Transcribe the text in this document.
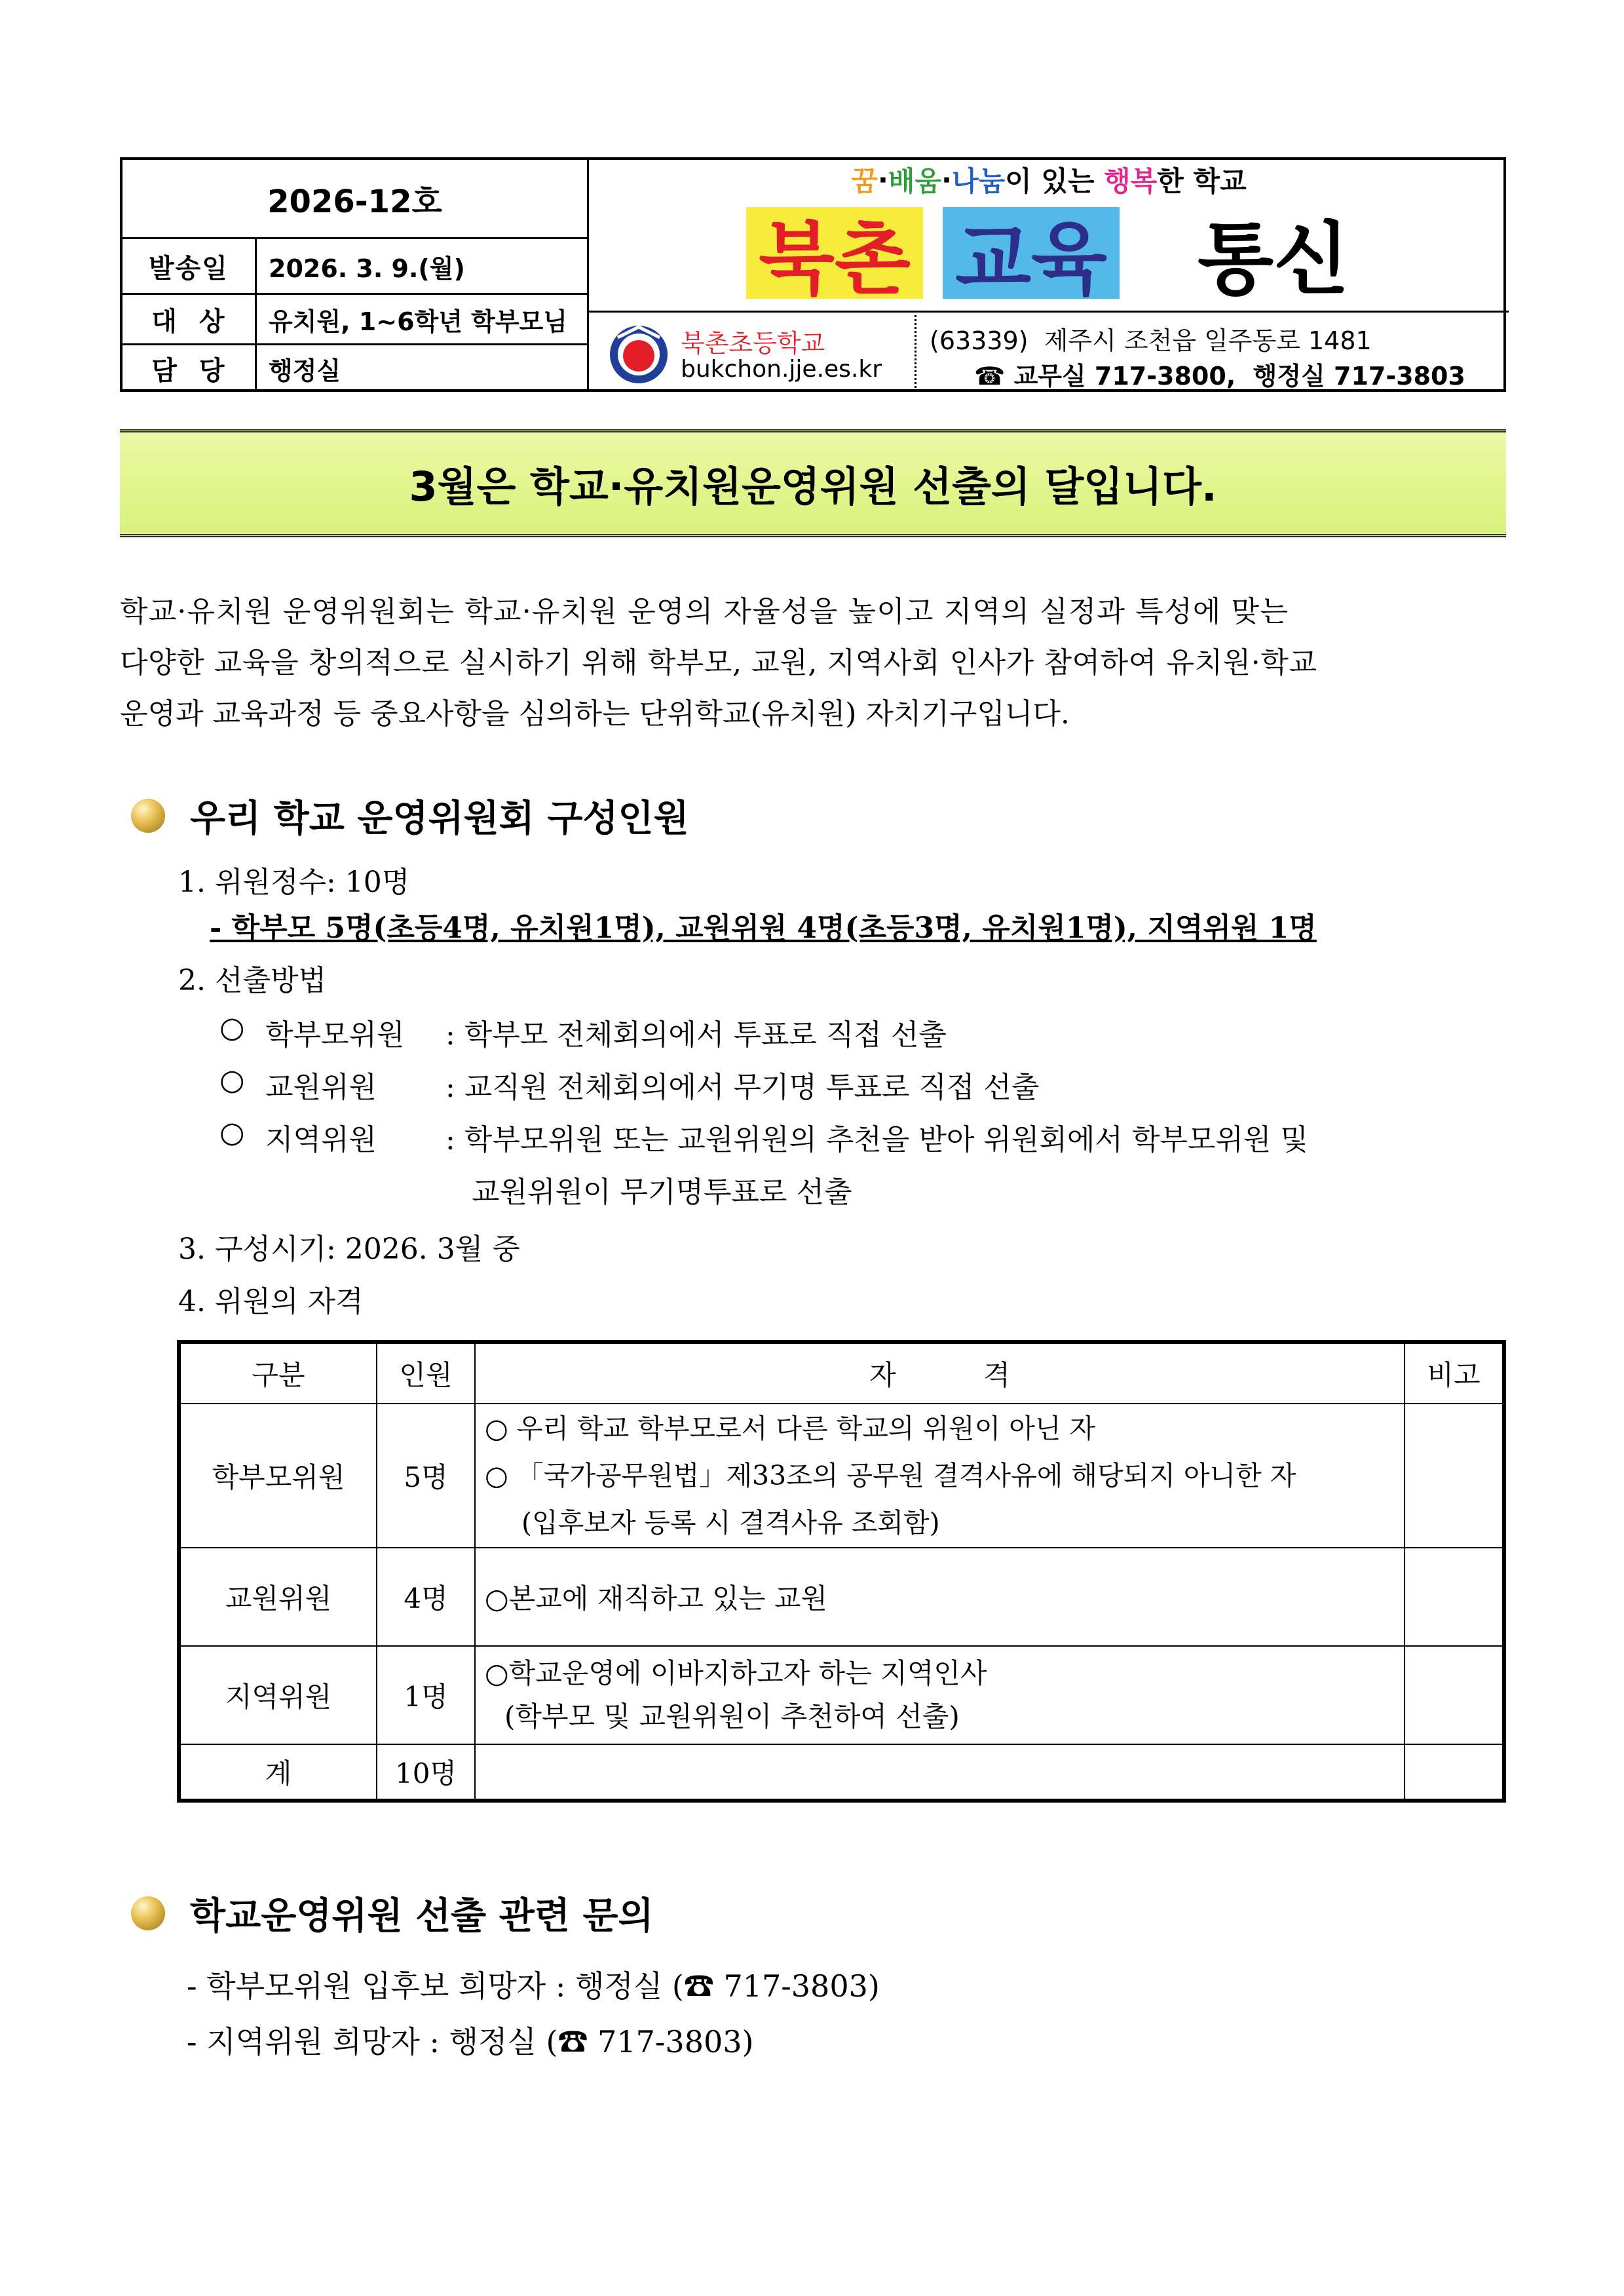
2026-12호
발송일	2026. 3. 9.(월)
대  상	유치원, 1~6학년 학부모님
담  당	행정실
꿈 · 배움 · 나눔 이 있는 행복 한 학교
북촌 교육	통신
북촌초등학교
bukchon.jje.es.kr
(63339)  제주시 조천읍 일주동로 1481
☎ 교무실 717-3800,  행정실 717-3803
3월은 학교·유치원운영위원 선출의 달입니다.
학교·유치원 운영위원회는 학교·유치원 운영의 자율성을 높이고 지역의 실정과 특성에 맞는
다양한 교육을 창의적으로 실시하기 위해 학부모, 교원, 지역사회 인사가 참여하여 유치원·학교
운영과 교육과정 등 중요사항을 심의하는 단위학교(유치원) 자치기구입니다.
우리 학교 운영위원회 구성인원
1. 위원정수: 10명
- 학부모 5명(초등4명, 유치원1명), 교원위원 4명(초등3명, 유치원1명), 지역위원 1명
2. 선출방법
○ 학부모위원 : 학부모 전체회의에서 투표로 직접 선출
○ 교원위원 : 교직원 전체회의에서 무기명 투표로 직접 선출
○ 지역위원 : 학부모위원 또는 교원위원의 추천을 받아 위원회에서 학부모위원 및
교원위원이 무기명투표로 선출
3. 구성시기: 2026. 3월 중
4. 위원의 자격
구분	인원	자          격	비고
학부모위원	5명	○ 우리 학교 학부모로서 다른 학교의 위원이 아닌 자
○ 「국가공무원법」제33조의 공무원 결격사유에 해당되지 아니한 자
(입후보자 등록 시 결격사유 조회함)	

교원위원	4명	○본교에 재직하고 있는 교원	

지역위원	1명	○학교운영에 이바지하고자 하는 지역인사
(학부모 및 교원위원이 추천하여 선출)	

계	10명		
학교운영위원 선출 관련 문의
- 학부모위원 입후보 희망자 : 행정실 (☎ 717-3803)
- 지역위원 희망자 : 행정실 (☎ 717-3803)
